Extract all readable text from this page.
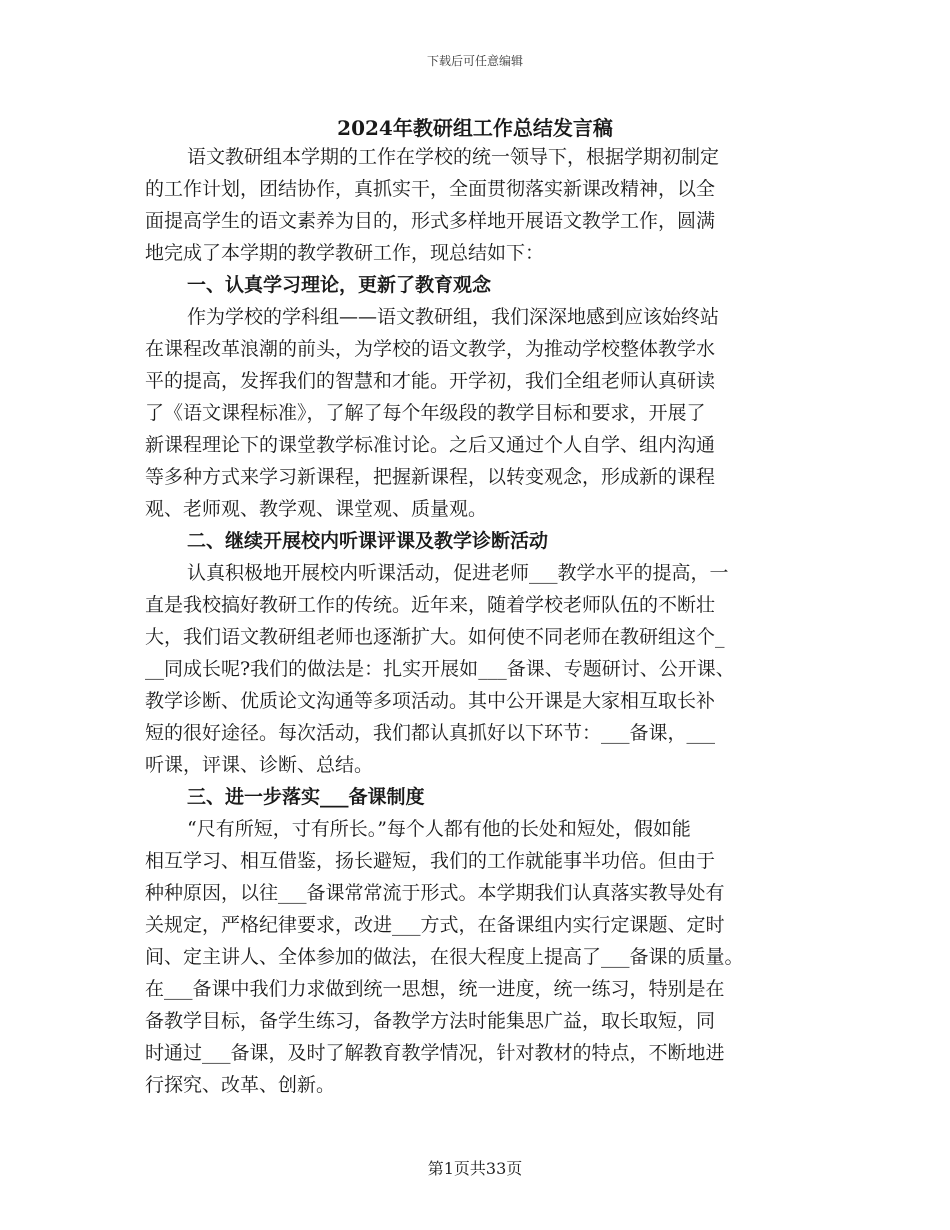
下载后可任意编辑
2024年教研组工作总结发言稿
语文教研组本学期的工作在学校的统一领导下，根据学期初制定
的工作计划，团结协作，真抓实干，全面贯彻落实新课改精神，以全
面提高学生的语文素养为目的，形式多样地开展语文教学工作，圆满
地完成了本学期的教学教研工作，现总结如下：
一、认真学习理论，更新了教育观念
作为学校的学科组——语文教研组，我们深深地感到应该始终站
在课程改革浪潮的前头，为学校的语文教学，为推动学校整体教学水
平的提高，发挥我们的智慧和才能。开学初，我们全组老师认真研读
了《语文课程标准》，了解了每个年级段的教学目标和要求，开展了
新课程理论下的课堂教学标准讨论。之后又通过个人自学、组内沟通
等多种方式来学习新课程，把握新课程，以转变观念，形成新的课程
观、老师观、教学观、课堂观、质量观。
二、继续开展校内听课评课及教学诊断活动
认真积极地开展校内听课活动，促进老师___教学水平的提高，一
直是我校搞好教研工作的传统。近年来，随着学校老师队伍的不断壮
大，我们语文教研组老师也逐渐扩大。如何使不同老师在教研组这个_
__同成长呢?我们的做法是：扎实开展如___备课、专题研讨、公开课、
教学诊断、优质论文沟通等多项活动。其中公开课是大家相互取长补
短的很好途径。每次活动，我们都认真抓好以下环节：___备课，___
听课，评课、诊断、总结。
三、进一步落实___备课制度
“尺有所短，寸有所长。”每个人都有他的长处和短处，假如能
相互学习、相互借鉴，扬长避短，我们的工作就能事半功倍。但由于
种种原因，以往___备课常常流于形式。本学期我们认真落实教导处有
关规定，严格纪律要求，改进___方式，在备课组内实行定课题、定时
间、定主讲人、全体参加的做法，在很大程度上提高了___备课的质量。
在___备课中我们力求做到统一思想，统一进度，统一练习，特别是在
备教学目标，备学生练习，备教学方法时能集思广益，取长取短，同
时通过___备课，及时了解教育教学情况，针对教材的特点，不断地进
行探究、改革、创新。
第1页共33页
